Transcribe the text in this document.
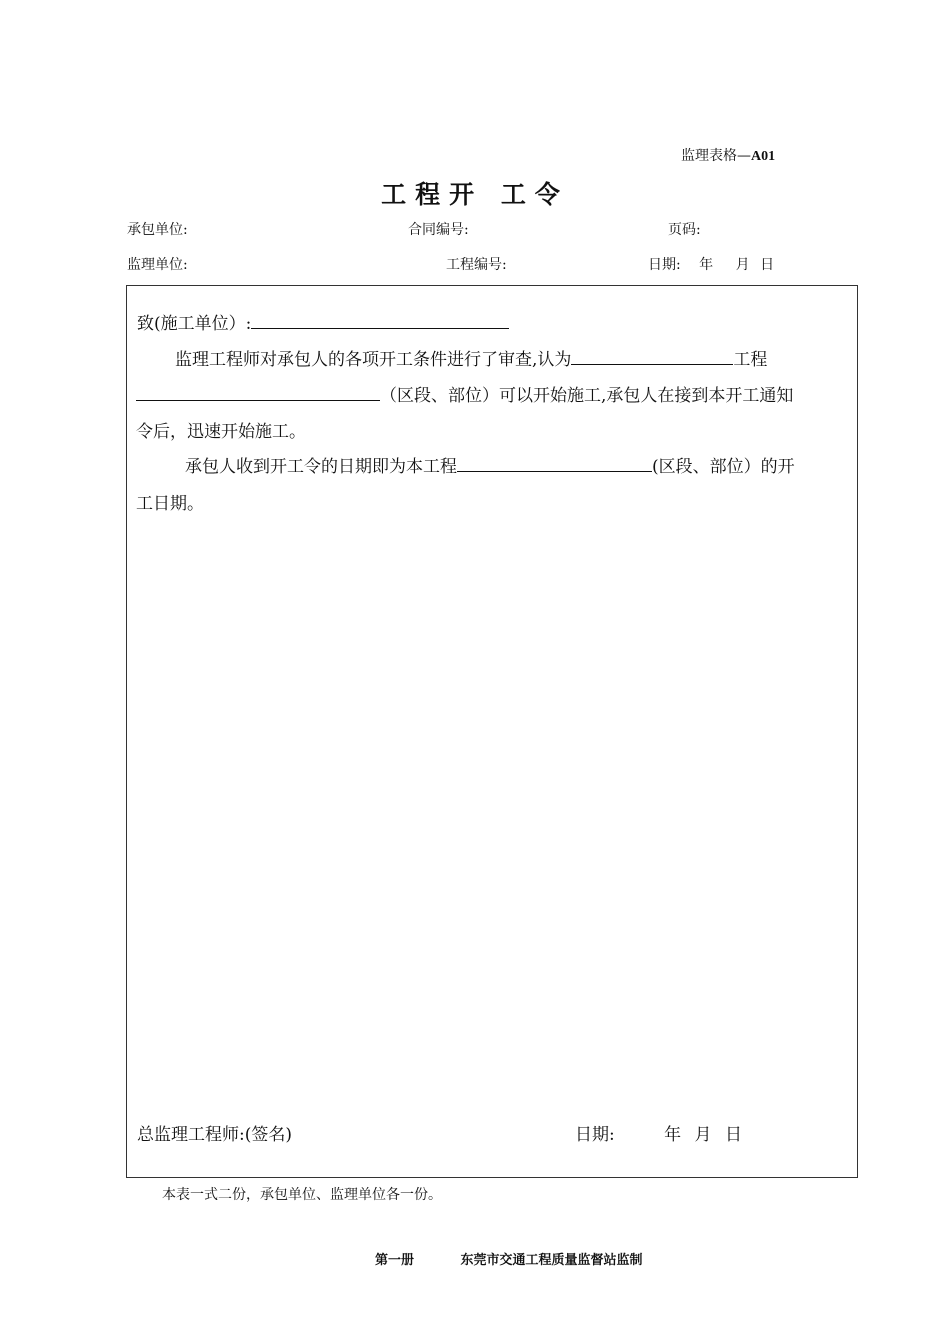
监理表格—A01
工程开 工令
承包单位:	合同编号:	页码:
监理单位:	工程编号:	日期: 年 月 日
致(施工单位）:
监理工程师对承包人的各项开工条件进行了审查,认为	工程
（区段、部位）可以开始施工,承包人在接到本开工通知
令后，迅速开始施工。
承包人收到开工令的日期即为本工程	(区段、部位）的开
工日期。
总监理工程师:(签名)	日期:	年 月 日
本表一式二份，承包单位、监理单位各一份。
第一册	东莞市交通工程质量监督站监制
